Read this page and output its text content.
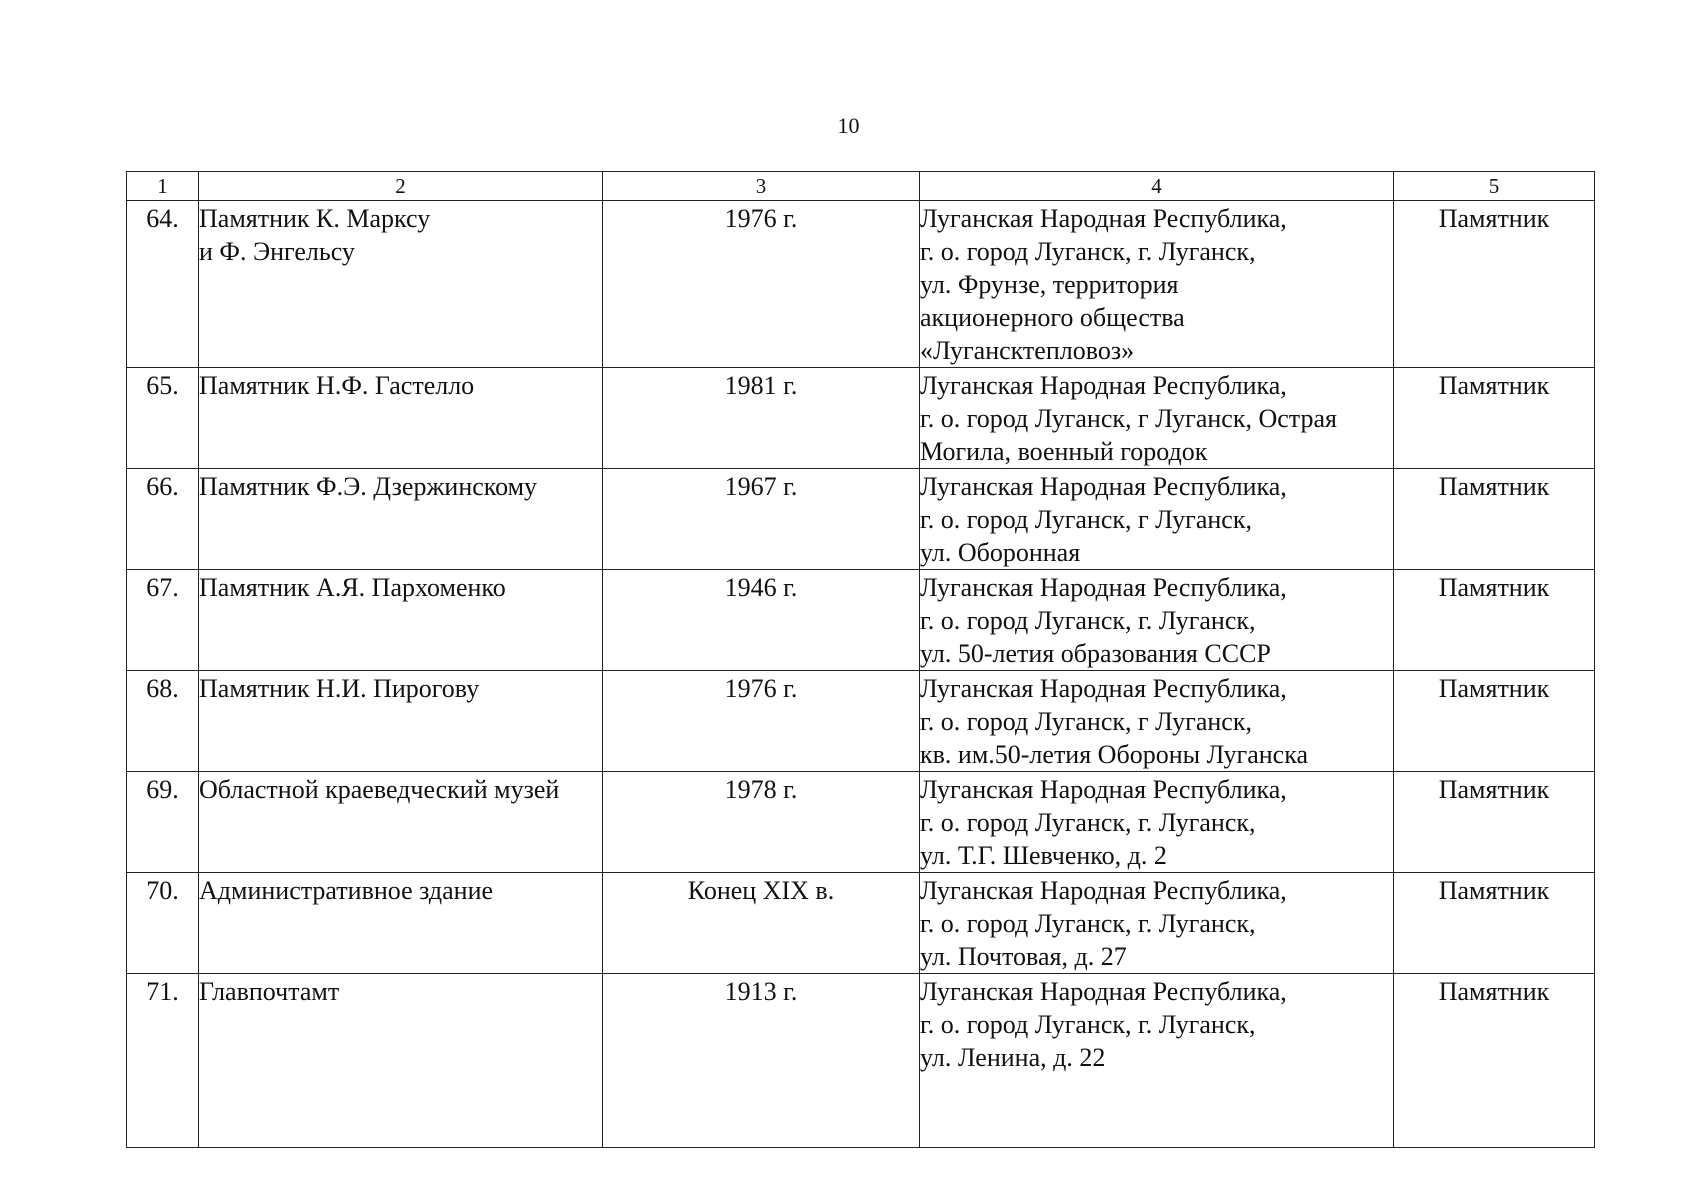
10
1	2	3	4	5
64.	Памятник К. Марксу
и Ф. Энгельсу	1976 г.	Луганская Народная Республика,
г. о. город Луганск, г. Луганск,
ул. Фрунзе, территория
акционерного общества
«Лугансктепловоз»	Памятник
65.	Памятник Н.Ф. Гастелло	1981 г.	Луганская Народная Республика,
г. о. город Луганск, г Луганск, Острая
Могила, военный городок	Памятник
66.	Памятник Ф.Э. Дзержинскому	1967 г.	Луганская Народная Республика,
г. о. город Луганск, г Луганск,
ул. Оборонная	Памятник
67.	Памятник А.Я. Пархоменко	1946 г.	Луганская Народная Республика,
г. о. город Луганск, г. Луганск,
ул. 50-летия образования СССР	Памятник
68.	Памятник Н.И. Пирогову	1976 г.	Луганская Народная Республика,
г. о. город Луганск, г Луганск,
кв. им.50-летия Обороны Луганска	Памятник
69.	Областной краеведческий музей	1978 г.	Луганская Народная Республика,
г. о. город Луганск, г. Луганск,
ул. Т.Г. Шевченко, д. 2	Памятник
70.	Административное здание	Конец XIX в.	Луганская Народная Республика,
г. о. город Луганск, г. Луганск,
ул. Почтовая, д. 27	Памятник
71.	Главпочтамт	1913 г.	Луганская Народная Республика,
г. о. город Луганск, г. Луганск,
ул. Ленина, д. 22	Памятник
